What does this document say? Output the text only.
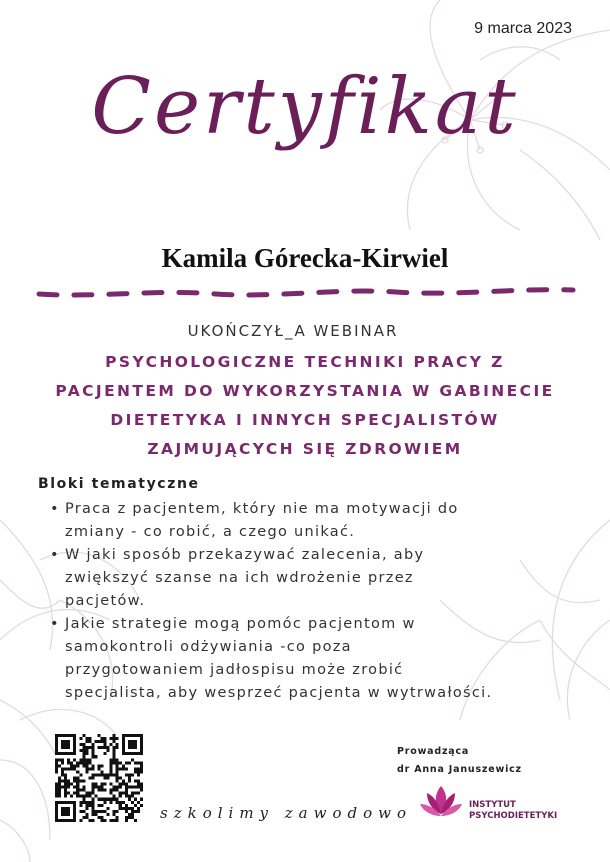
9 marca 2023
Certyfikat
Kamila Górecka-Kirwiel
UKOŃCZYŁ_A WEBINAR
PSYCHOLOGICZNE TECHNIKI PRACY Z
PACJENTEM DO WYKORZYSTANIA W GABINECIE
DIETETYKA I INNYCH SPECJALISTÓW
ZAJMUJĄCYCH SIĘ ZDROWIEM
Bloki tematyczne
• Praca z pacjentem, który nie ma motywacji do
zmiany - co robić, a czego unikać.
• W jaki sposób przekazywać zalecenia, aby
zwiększyć szanse na ich wdrożenie przez
pacjetów.
• Jakie strategie mogą pomóc pacjentom w
samokontroli odżywiania -co poza
przygotowaniem jadłospisu może zrobić
specjalista, aby wesprzeć pacjenta w wytrwałości.
szkolimy zawodowo
Prowadząca
dr Anna Januszewicz
INSTYTUT
PSYCHODIETETYKI
